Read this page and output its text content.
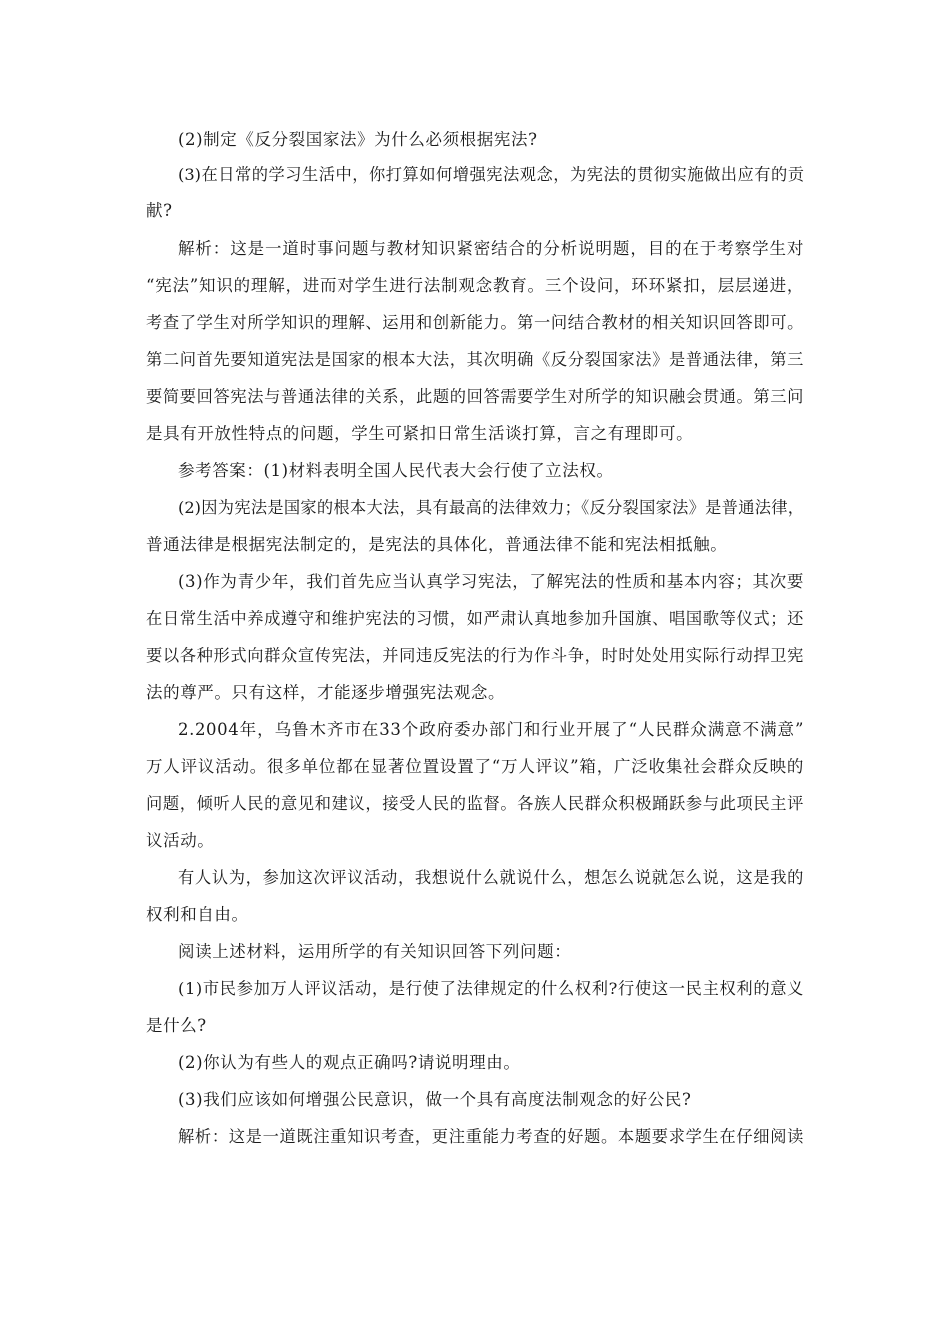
(2)制定《反分裂国家法》为什么必须根据宪法?
(3)在日常的学习生活中，你打算如何增强宪法观念，为宪法的贯彻实施做出应有的贡
献?
解析：这是一道时事问题与教材知识紧密结合的分析说明题，目的在于考察学生对
“宪法”知识的理解，进而对学生进行法制观念教育。三个设问，环环紧扣，层层递进，
考查了学生对所学知识的理解、运用和创新能力。第一问结合教材的相关知识回答即可。
第二问首先要知道宪法是国家的根本大法，其次明确《反分裂国家法》是普通法律，第三
要简要回答宪法与普通法律的关系，此题的回答需要学生对所学的知识融会贯通。第三问
是具有开放性特点的问题，学生可紧扣日常生活谈打算，言之有理即可。
参考答案：(1)材料表明全国人民代表大会行使了立法权。
(2)因为宪法是国家的根本大法，具有最高的法律效力；《反分裂国家法》是普通法律，
普通法律是根据宪法制定的，是宪法的具体化，普通法律不能和宪法相抵触。
(3)作为青少年，我们首先应当认真学习宪法，了解宪法的性质和基本内容；其次要
在日常生活中养成遵守和维护宪法的习惯，如严肃认真地参加升国旗、唱国歌等仪式；还
要以各种形式向群众宣传宪法，并同违反宪法的行为作斗争，时时处处用实际行动捍卫宪
法的尊严。只有这样，才能逐步增强宪法观念。
2.2004年，乌鲁木齐市在33个政府委办部门和行业开展了“人民群众满意不满意”
万人评议活动。很多单位都在显著位置设置了“万人评议”箱，广泛收集社会群众反映的
问题，倾听人民的意见和建议，接受人民的监督。各族人民群众积极踊跃参与此项民主评
议活动。
有人认为，参加这次评议活动，我想说什么就说什么，想怎么说就怎么说，这是我的
权利和自由。
阅读上述材料，运用所学的有关知识回答下列问题：
(1)市民参加万人评议活动，是行使了法律规定的什么权利?行使这一民主权利的意义
是什么?
(2)你认为有些人的观点正确吗?请说明理由。
(3)我们应该如何增强公民意识，做一个具有高度法制观念的好公民?
解析：这是一道既注重知识考查，更注重能力考查的好题。本题要求学生在仔细阅读
